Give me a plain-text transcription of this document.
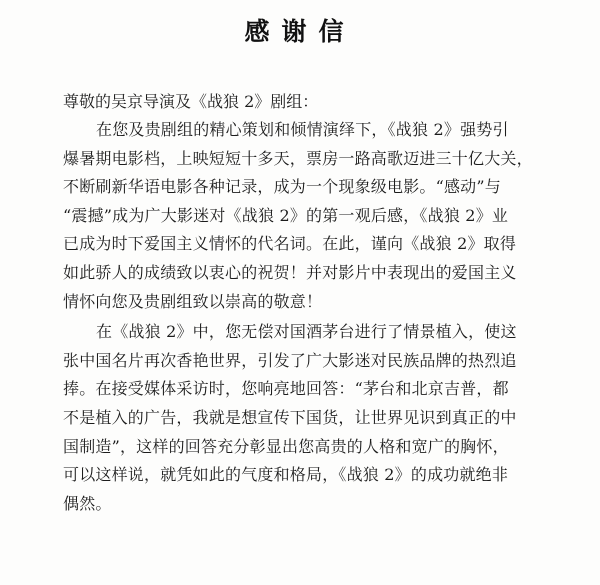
感谢信

尊敬的吴京导演及《战狼 2》剧组：

在您及贵剧组的精心策划和倾情演绎下，《战狼 2》强势引
爆暑期电影档，上映短短十多天，票房一路高歌迈进三十亿大关，
不断刷新华语电影各种记录，成为一个现象级电影。“感动”与
“震撼”成为广大影迷对《战狼 2》的第一观后感，《战狼 2》业
已成为时下爱国主义情怀的代名词。在此，谨向《战狼 2》取得
如此骄人的成绩致以衷心的祝贺！并对影片中表现出的爱国主义
情怀向您及贵剧组致以崇高的敬意！
在《战狼 2》中，您无偿对国酒茅台进行了情景植入，使这
张中国名片再次香艳世界，引发了广大影迷对民族品牌的热烈追
捧。在接受媒体采访时，您响亮地回答：“茅台和北京吉普，都
不是植入的广告，我就是想宣传下国货，让世界见识到真正的中
国制造”，这样的回答充分彰显出您高贵的人格和宽广的胸怀，
可以这样说，就凭如此的气度和格局，《战狼 2》的成功就绝非
偶然。
